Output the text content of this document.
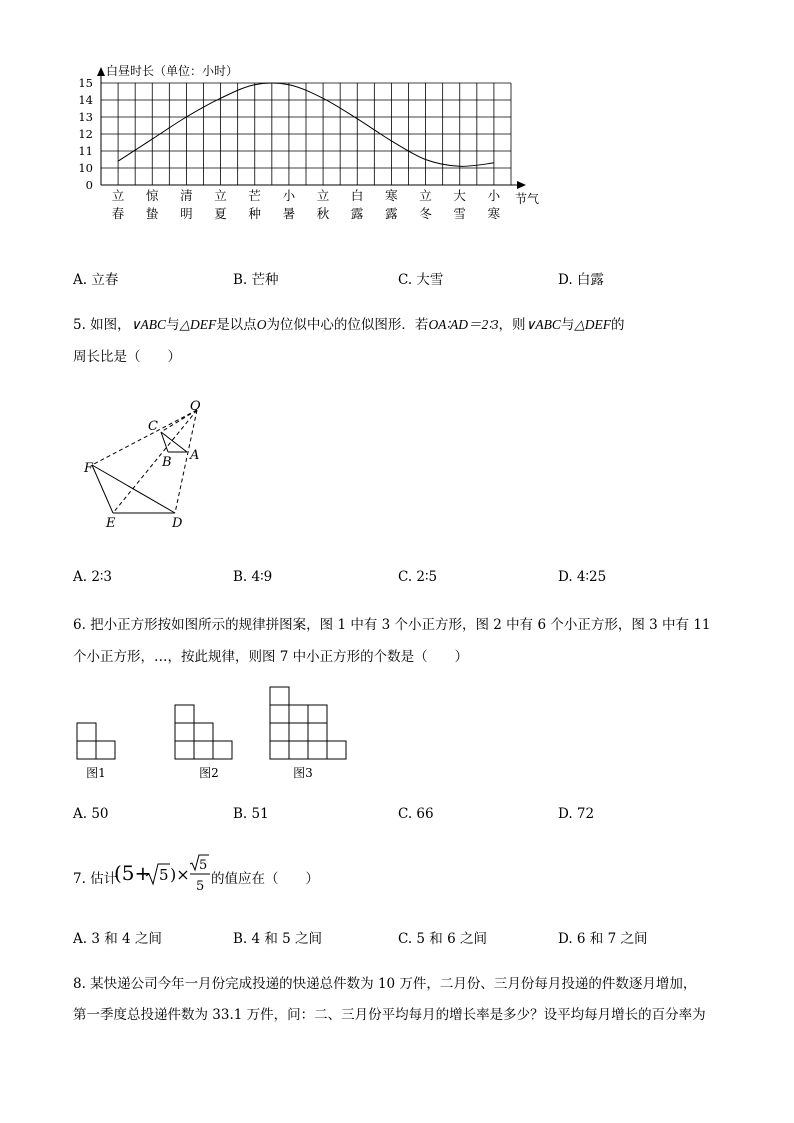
白昼时长（单位：小时）
0
10
11
12
13
14
15
立
春
惊
蛰
清
明
立
夏
芒
种
小
暑
立
秋
白
露
寒
露
立
冬
大
雪
小
寒
节气
A. 立春	B. 芒种	C. 大雪	D. 白露
5. 如图，∨ABC与△DEF是以点O为位似中心的位似图形．若OA∶AD＝2∶3，则∨ABC与△DEF的
周长比是（　　）
O
C
B A
F
E	D
A. 2∶3	B. 4∶9	C. 2∶5	D. 4∶25
6. 把小正方形按如图所示的规律拼图案，图 1 中有 3 个小正方形，图 2 中有 6 个小正方形，图 3 中有 11
个小正方形，…，按此规律，则图 7 中小正方形的个数是（　　）
图1	图2	图3
A. 50	B. 51	C. 66	D. 72
7. 估计
(5+ 5 )× 5
5 的值应在（　　）
A. 3 和 4 之间	B. 4 和 5 之间	C. 5 和 6 之间	D. 6 和 7 之间
8. 某快递公司今年一月份完成投递的快递总件数为 10 万件，二月份、三月份每月投递的件数逐月增加，
第一季度总投递件数为 33.1 万件，问：二、三月份平均每月的增长率是多少？设平均每月增长的百分率为
